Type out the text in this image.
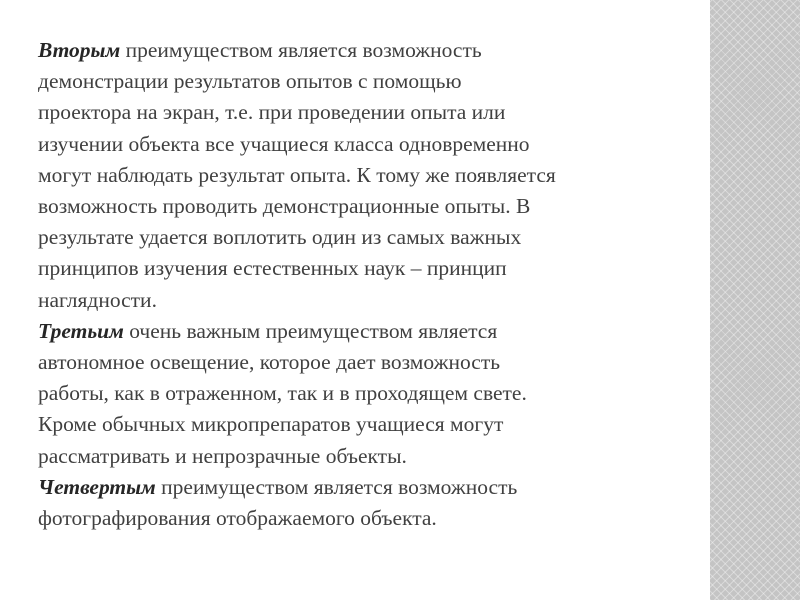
Вторым преимуществом является возможность
демонстрации результатов опытов с помощью
проектора на экран, т.е. при проведении опыта или
изучении объекта все учащиеся класса одновременно
могут наблюдать результат опыта. К тому же появляется
возможность проводить демонстрационные опыты. В
результате удается воплотить один из самых важных
принципов изучения естественных наук – принцип
наглядности.

Третьим очень важным преимуществом является
автономное освещение, которое дает возможность
работы, как в отраженном, так и в проходящем свете.
Кроме обычных микропрепаратов учащиеся могут
рассматривать и непрозрачные объекты.

Четвертым преимуществом является возможность
фотографирования отображаемого объекта.
